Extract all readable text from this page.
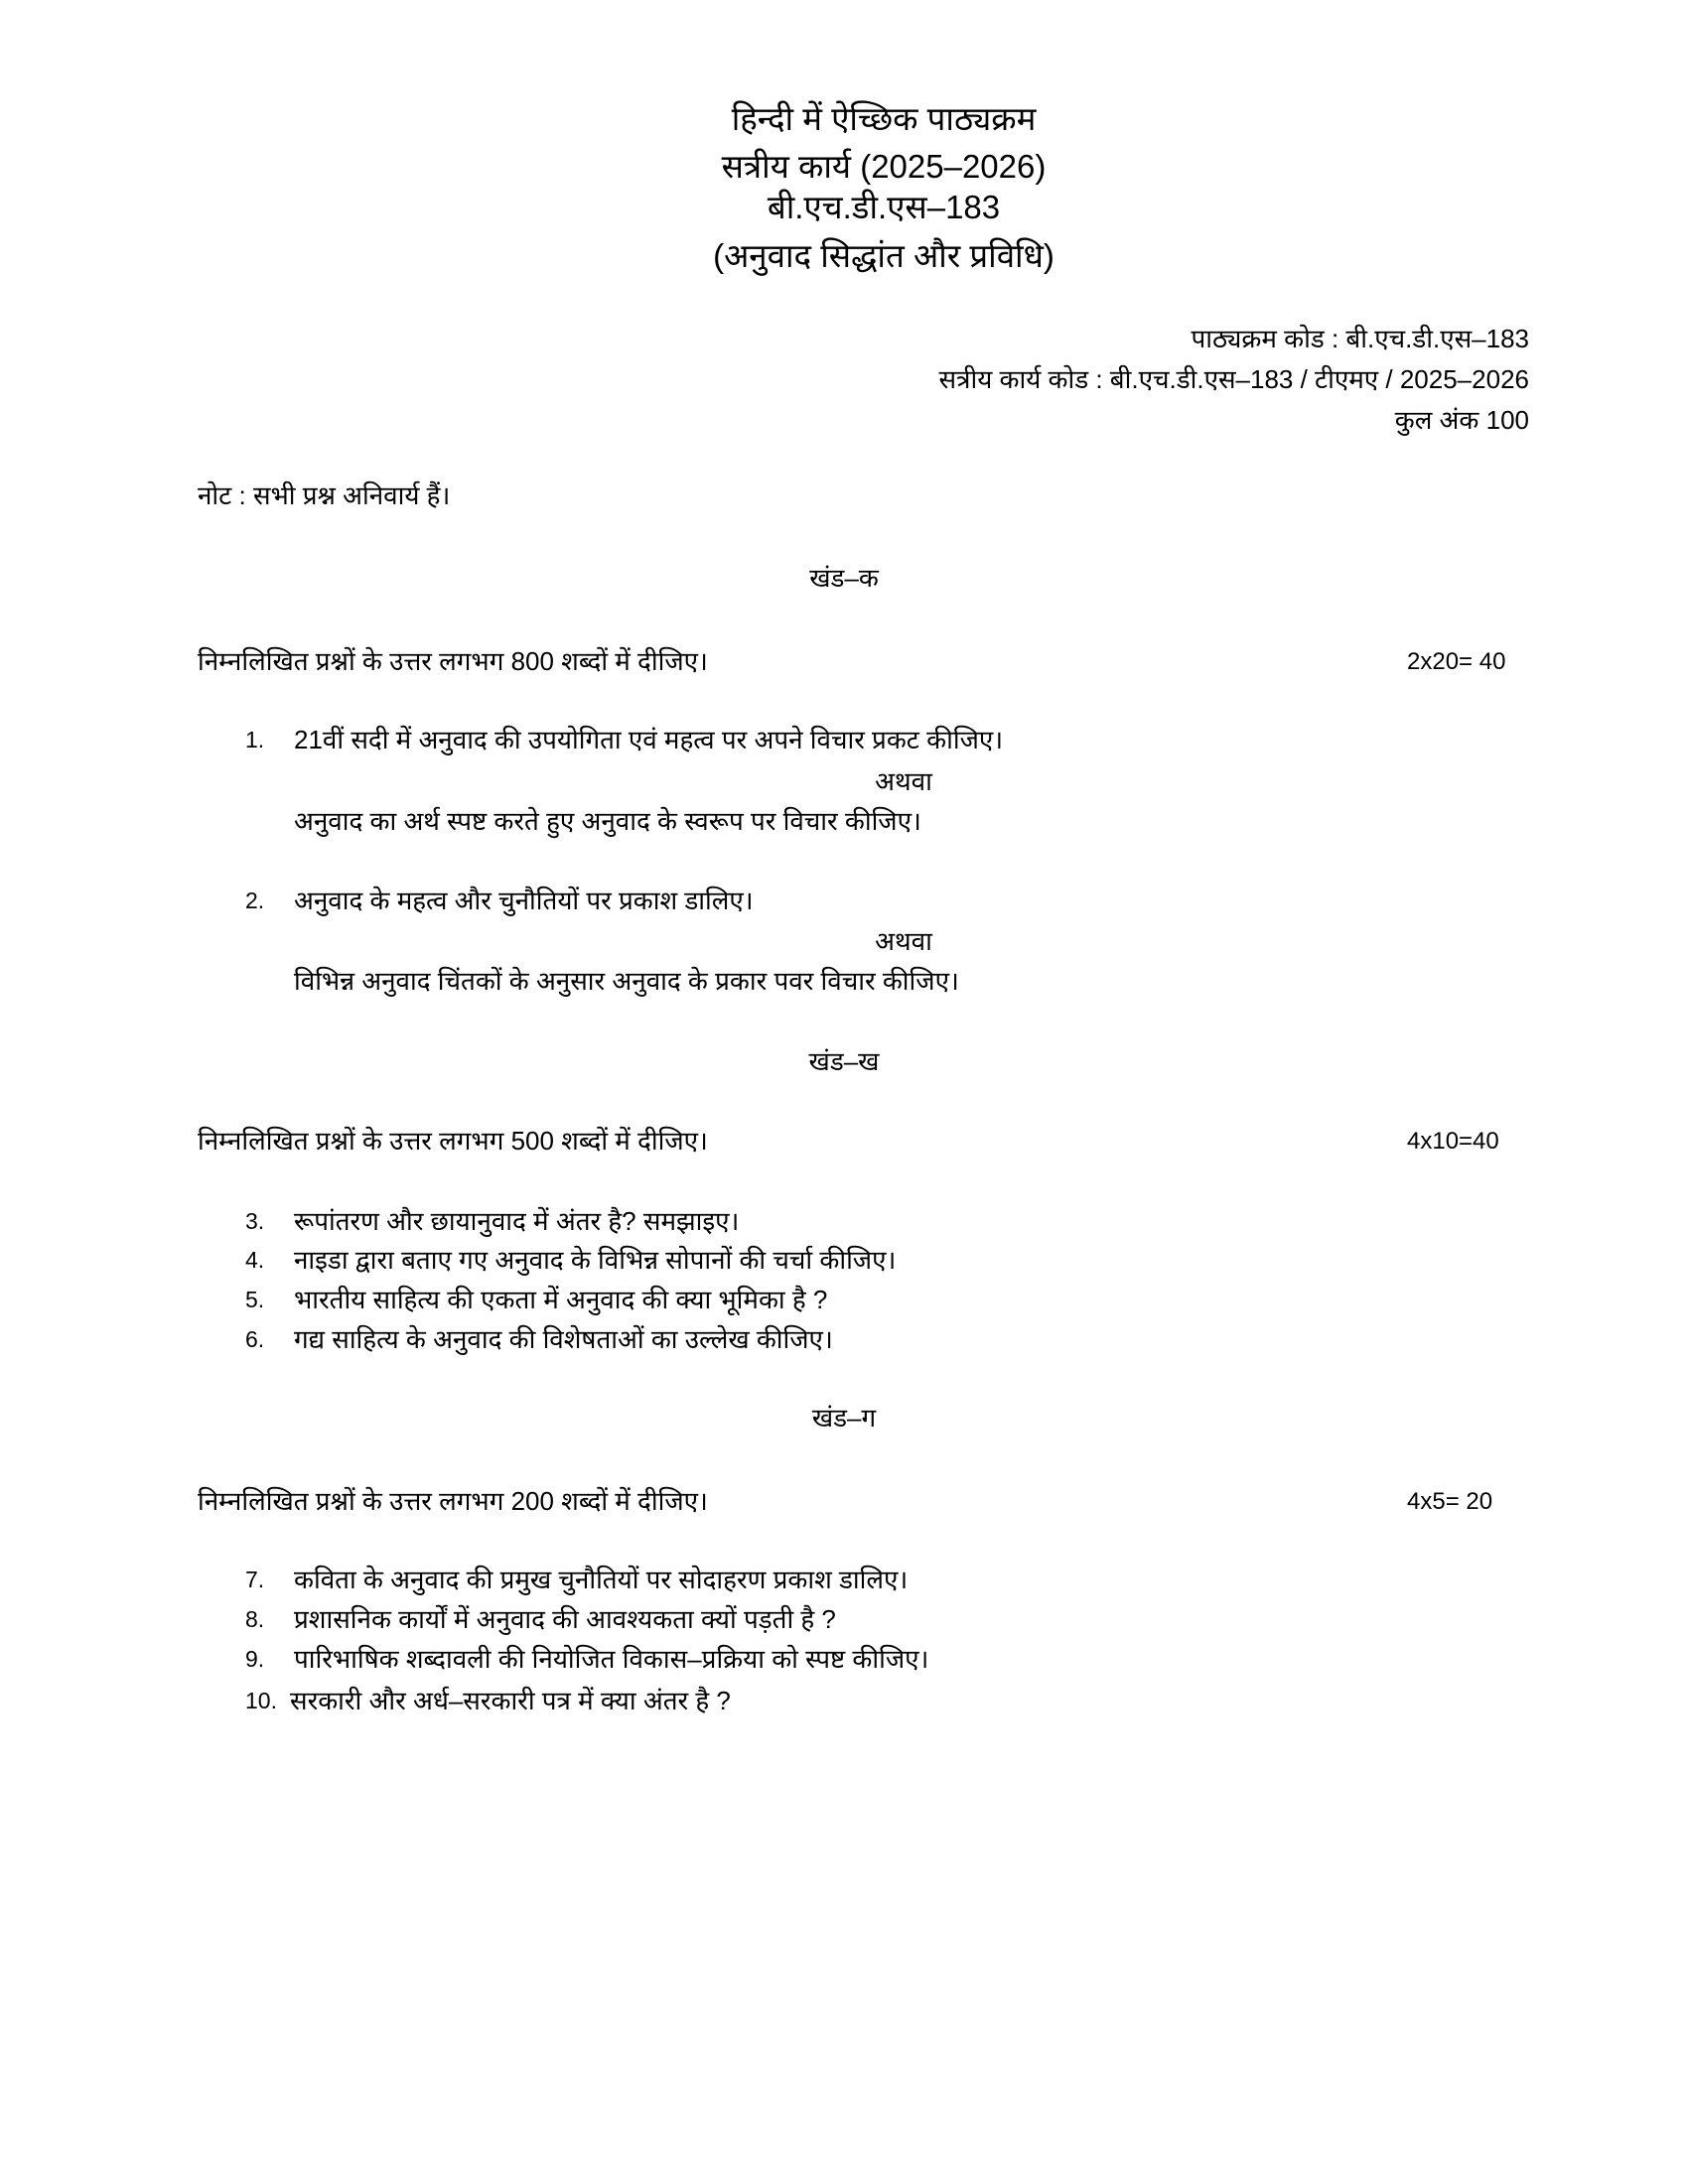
हिन्दी में ऐच्छिक पाठ्यक्रम
सत्रीय कार्य (2025–2026)
बी.एच.डी.एस–183
(अनुवाद सिद्धांत और प्रविधि)
पाठ्यक्रम कोड : बी.एच.डी.एस–183
सत्रीय कार्य कोड : बी.एच.डी.एस–183 / टीएमए / 2025–2026
कुल अंक 100
नोट : सभी प्रश्न अनिवार्य हैं।
खंड–क
निम्नलिखित प्रश्नों के उत्तर लगभग 800 शब्दों में दीजिए।	2x20= 40
1. 21वीं सदी में अनुवाद की उपयोगिता एवं महत्व पर अपने विचार प्रकट कीजिए।
अथवा
अनुवाद का अर्थ स्पष्ट करते हुए अनुवाद के स्वरूप पर विचार कीजिए।
2. अनुवाद के महत्व और चुनौतियों पर प्रकाश डालिए।
अथवा
विभिन्न अनुवाद चिंतकों के अनुसार अनुवाद के प्रकार पवर विचार कीजिए।
खंड–ख
निम्नलिखित प्रश्नों के उत्तर लगभग 500 शब्दों में दीजिए।	4x10=40
3. रूपांतरण और छायानुवाद में अंतर है? समझाइए।
4. नाइडा द्वारा बताए गए अनुवाद के विभिन्न सोपानों की चर्चा कीजिए।
5. भारतीय साहित्य की एकता में अनुवाद की क्या भूमिका है ?
6. गद्य साहित्य के अनुवाद की विशेषताओं का उल्लेख कीजिए।
खंड–ग
निम्नलिखित प्रश्नों के उत्तर लगभग 200 शब्दों में दीजिए।	4x5= 20
7. कविता के अनुवाद की प्रमुख चुनौतियों पर सोदाहरण प्रकाश डालिए।
8. प्रशासनिक कार्यों में अनुवाद की आवश्यकता क्यों पड़ती है ?
9. पारिभाषिक शब्दावली की नियोजित विकास–प्रक्रिया को स्पष्ट कीजिए।
10. सरकारी और अर्ध–सरकारी पत्र में क्या अंतर है ?
